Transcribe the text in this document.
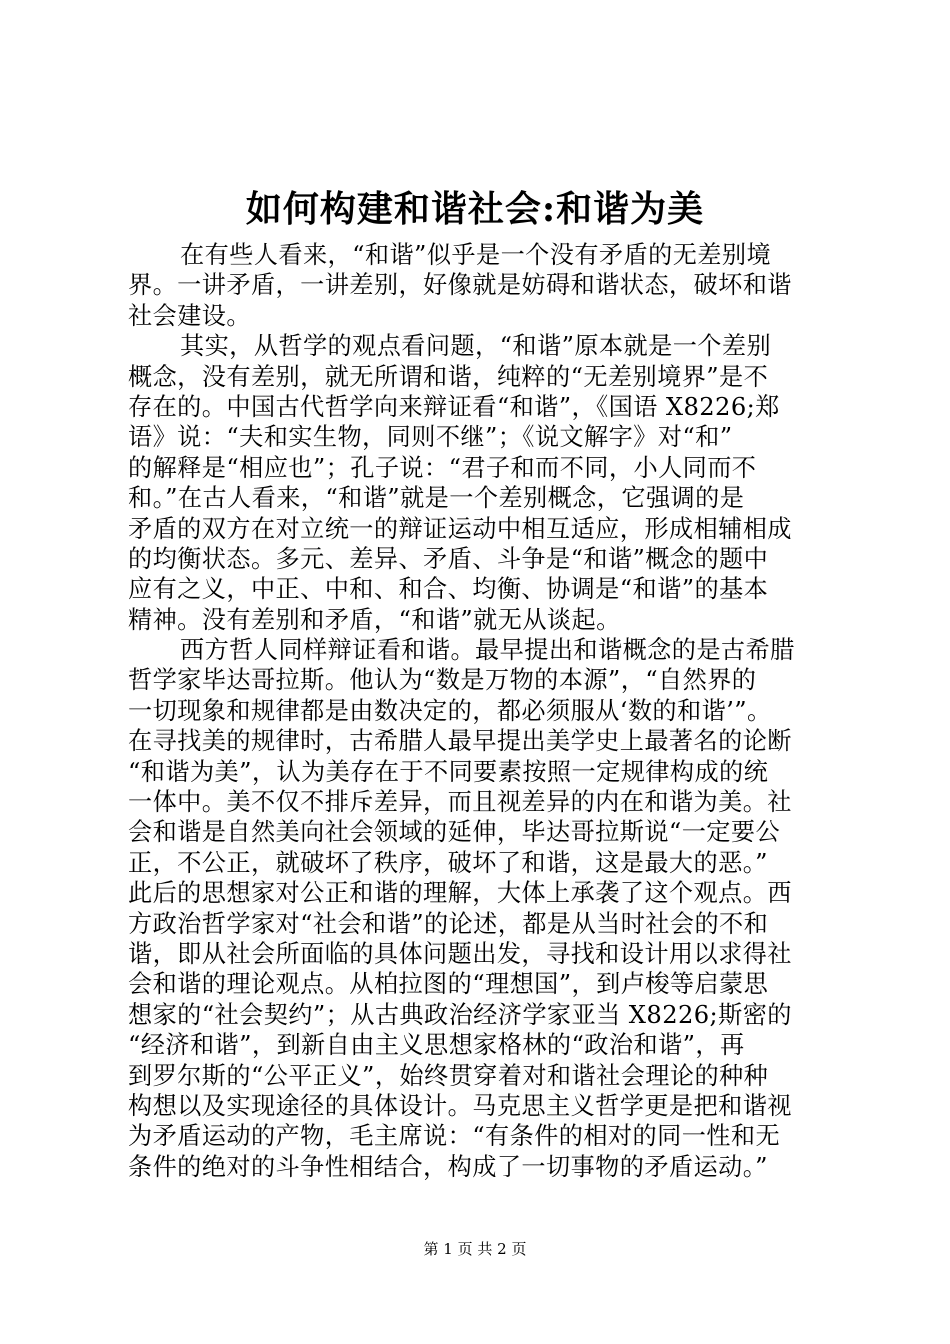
如何构建和谐社会:和谐为美
在有些人看来，“和谐”似乎是一个没有矛盾的无差别境
界。一讲矛盾，一讲差别，好像就是妨碍和谐状态，破坏和谐
社会建设。
其实，从哲学的观点看问题，“和谐”原本就是一个差别
概念，没有差别，就无所谓和谐，纯粹的“无差别境界”是不
存在的。中国古代哲学向来辩证看“和谐”，《国语 X8226;郑
语》说：“夫和实生物，同则不继”；《说文解字》对“和”
的解释是“相应也”；孔子说：“君子和而不同，小人同而不
和。”在古人看来，“和谐”就是一个差别概念，它强调的是
矛盾的双方在对立统一的辩证运动中相互适应，形成相辅相成
的均衡状态。多元、差异、矛盾、斗争是“和谐”概念的题中
应有之义，中正、中和、和合、均衡、协调是“和谐”的基本
精神。没有差别和矛盾，“和谐”就无从谈起。
西方哲人同样辩证看和谐。最早提出和谐概念的是古希腊
哲学家毕达哥拉斯。他认为“数是万物的本源”，“自然界的
一切现象和规律都是由数决定的，都必须服从‘数的和谐’”。
在寻找美的规律时，古希腊人最早提出美学史上最著名的论断
“和谐为美”，认为美存在于不同要素按照一定规律构成的统
一体中。美不仅不排斥差异，而且视差异的内在和谐为美。社
会和谐是自然美向社会领域的延伸，毕达哥拉斯说“一定要公
正，不公正，就破坏了秩序，破坏了和谐，这是最大的恶。”
此后的思想家对公正和谐的理解，大体上承袭了这个观点。西
方政治哲学家对“社会和谐”的论述，都是从当时社会的不和
谐，即从社会所面临的具体问题出发，寻找和设计用以求得社
会和谐的理论观点。从柏拉图的“理想国”，到卢梭等启蒙思
想家的“社会契约”；从古典政治经济学家亚当 X8226;斯密的
“经济和谐”，到新自由主义思想家格林的“政治和谐”，再
到罗尔斯的“公平正义”，始终贯穿着对和谐社会理论的种种
构想以及实现途径的具体设计。马克思主义哲学更是把和谐视
为矛盾运动的产物，毛主席说：“有条件的相对的同一性和无
条件的绝对的斗争性相结合，构成了一切事物的矛盾运动。”
第 1 页 共 2 页
